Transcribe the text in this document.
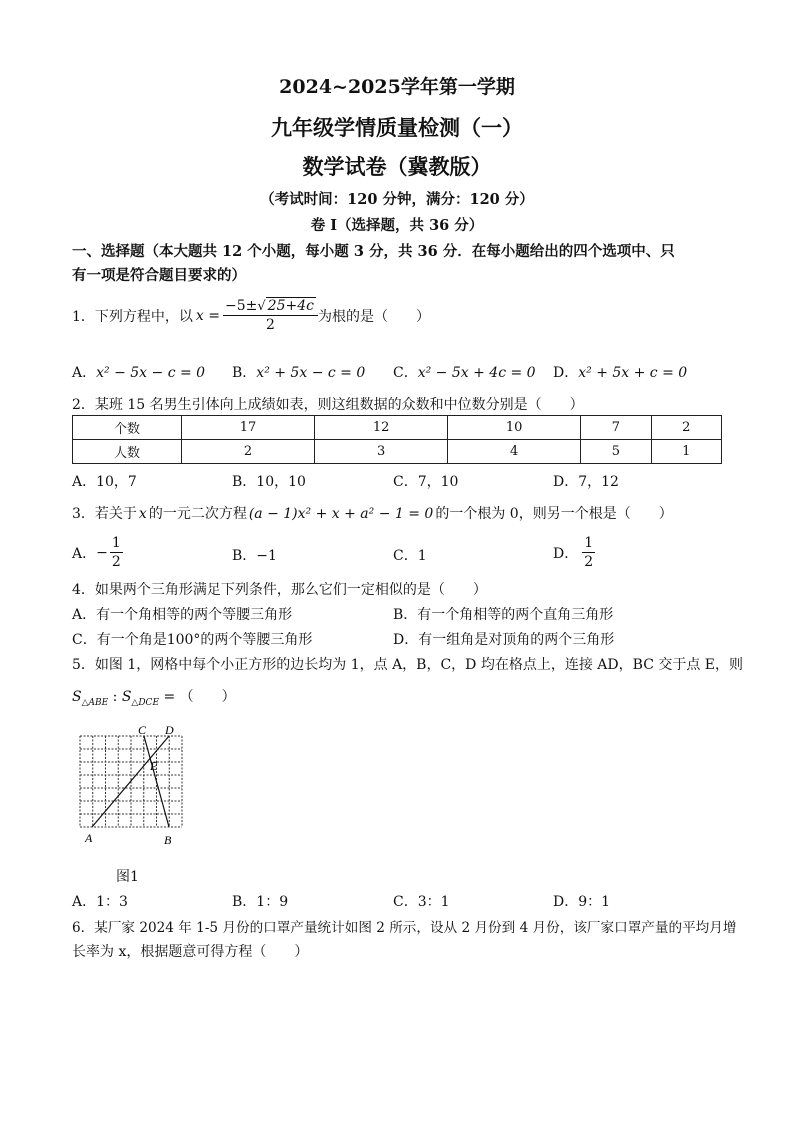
2024~2025学年第一学期
九年级学情质量检测（一）
数学试卷（冀教版）
（考试时间：120 分钟，满分：120 分）
卷 I（选择题，共 36 分）
一、选择题（本大题共 12 个小题，每小题 3 分，共 36 分．在每小题给出的四个选项中、只
有一项是符合题目要求的）
1．下列方程中，以 $x = \frac{-5\pm√ 25+4c}{2}$ 为根的是（　　）
A．x² − 5x − c = 0 B．x² + 5x − c = 0 C．x² − 5x + 4c = 0 D．x² + 5x + c = 0
2．某班 15 名男生引体向上成绩如表，则这组数据的众数和中位数分别是（　　）
个数	17	12	10	7	2
人数	2	3	4	5	1
A．10，7	B．10，10	C．7，10	D．7，12
3．若关于 x 的一元二次方程 (a − 1)x² + x + a² − 1 = 0 的一个根为 0，则另一个根是（　　）
A． − $\frac{1}{2}$	B．−1	C．1	D． $\frac{1}{2}$
4．如果两个三角形满足下列条件，那么它们一定相似的是（　　）
A．有一个角相等的两个等腰三角形	B．有一个角相等的两个直角三角形
C．有一个角是100°的两个等腰三角形	D．有一组角是对顶角的两个三角形
5．如图 1，网格中每个小正方形的边长均为 1，点 A，B，C，D 均在格点上，连接 AD，BC 交于点 E，则
$S_{\triangle ABE}$ : $S_{\triangle DCE}$ = （　　）
A	B
C D
E
图1
A．1：3	B．1：9	C．3：1	D．9：1
6．某厂家 2024 年 1-5 月份的口罩产量统计如图 2 所示，设从 2 月份到 4 月份，该厂家口罩产量的平均月增
长率为 x，根据题意可得方程（　　）
